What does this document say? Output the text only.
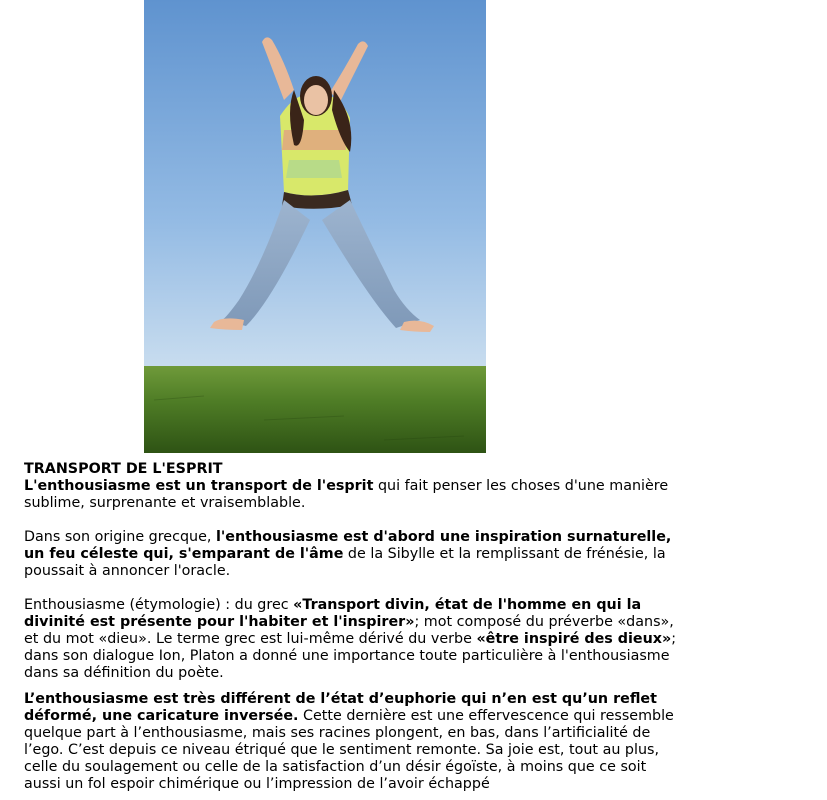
TRANSPORT DE L'ESPRIT

L'enthousiasme est un transport de l'esprit qui fait penser les choses d'une manière sublime, surprenante et vraisemblable.

Dans son origine grecque, l'enthousiasme est d'abord une inspiration surnaturelle, un feu céleste qui, s'emparant de l'âme de la Sibylle et la remplissant de frénésie, la poussait à annoncer l'oracle.

Enthousiasme (étymologie) : du grec «Transport divin, état de l'homme en qui la divinité est présente pour l'habiter et l'inspirer»; mot composé du préverbe «dans», et du mot «dieu». Le terme grec est lui-même dérivé du verbe «être inspiré des dieux»; dans son dialogue Ion, Platon a donné une importance toute particulière à l'enthousiasme dans sa définition du poète.

L’enthousiasme est très différent de l’état d’euphorie qui n’en est qu’un reflet déformé, une caricature inversée. Cette dernière est une effervescence qui ressemble quelque part à l’enthousiasme, mais ses racines plongent, en bas, dans l’artificialité de l’ego. C’est depuis ce niveau étriqué que le sentiment remonte. Sa joie est, tout au plus, celle du soulagement ou celle de la satisfaction d’un désir égoïste, à moins que ce soit aussi un fol espoir chimérique ou l’impression de l’avoir échappé
